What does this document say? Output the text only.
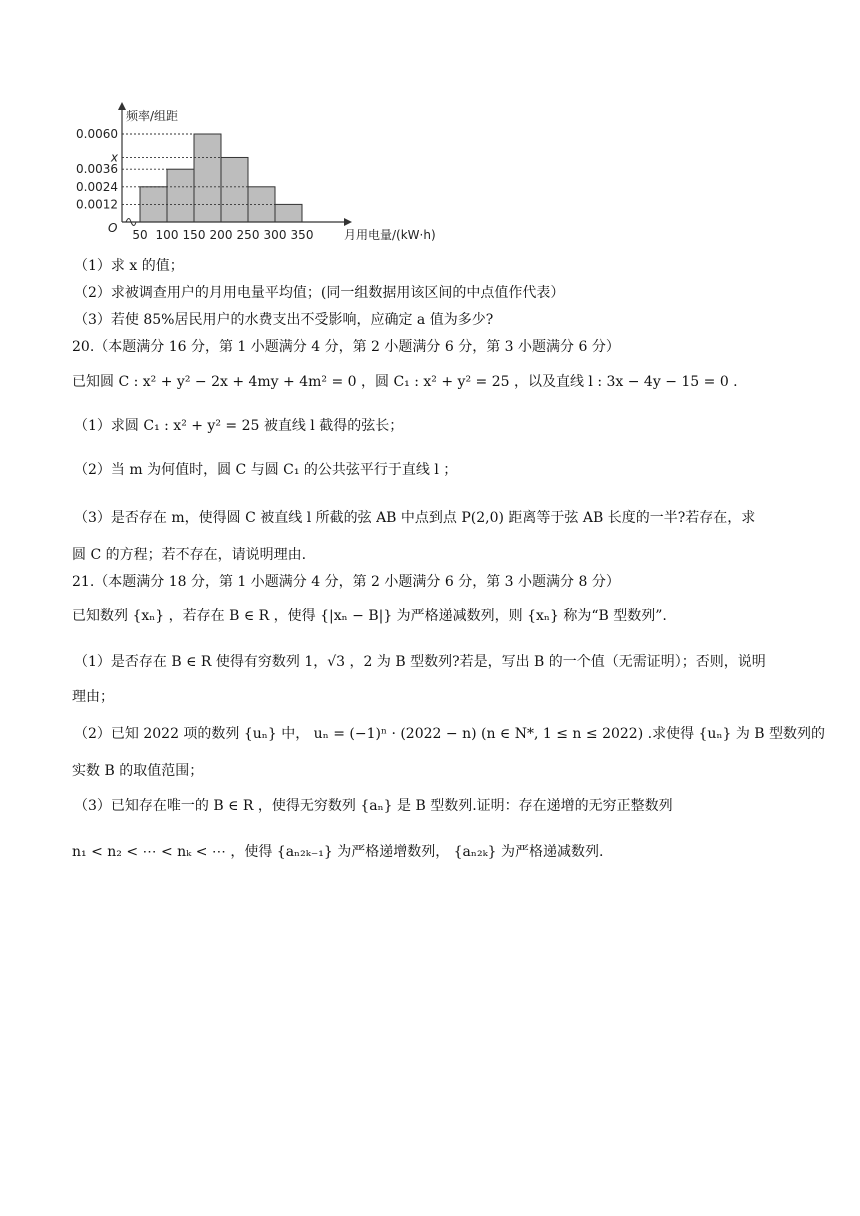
频率/组距
月用电量/(kW·h)
O
0.0060
x
0.0036
0.0024
0.0012
50 100 150 200 250 300 350
（1）求 x 的值；
（2）求被调查用户的月用电量平均值；(同一组数据用该区间的中点值作代表）
（3）若使 85%居民用户的水费支出不受影响，应确定 a 值为多少?
20.（本题满分 16 分，第 1 小题满分 4 分，第 2 小题满分 6 分，第 3 小题满分 6 分）
已知圆 C : x² + y² − 2x + 4my + 4m² = 0 ，圆 C₁ : x² + y² = 25 ，以及直线 l : 3x − 4y − 15 = 0 .
（1）求圆 C₁ : x² + y² = 25 被直线 l 截得的弦长；
（2）当 m 为何值时，圆 C 与圆 C₁ 的公共弦平行于直线 l ；
（3）是否存在 m，使得圆 C 被直线 l 所截的弦 AB 中点到点 P(2,0) 距离等于弦 AB 长度的一半?若存在，求
圆 C 的方程；若不存在，请说明理由.
21.（本题满分 18 分，第 1 小题满分 4 分，第 2 小题满分 6 分，第 3 小题满分 8 分）
已知数列 {xₙ} ，若存在 B ∈ R ，使得 {|xₙ − B|} 为严格递减数列，则 {xₙ} 称为“B 型数列”.
（1）是否存在 B ∈ R 使得有穷数列 1，√3 ，2 为 B 型数列?若是，写出 B 的一个值（无需证明）；否则，说明
理由；
（2）已知 2022 项的数列 {uₙ} 中， uₙ = (−1)ⁿ · (2022 − n) (n ∈ N*, 1 ≤ n ≤ 2022) .求使得 {uₙ} 为 B 型数列的
实数 B 的取值范围；
（3）已知存在唯一的 B ∈ R ，使得无穷数列 {aₙ} 是 B 型数列.证明：存在递增的无穷正整数列
n₁ < n₂ < ⋯ < nₖ < ⋯ ，使得 {aₙ₂ₖ₋₁} 为严格递增数列， {aₙ₂ₖ} 为严格递减数列.
